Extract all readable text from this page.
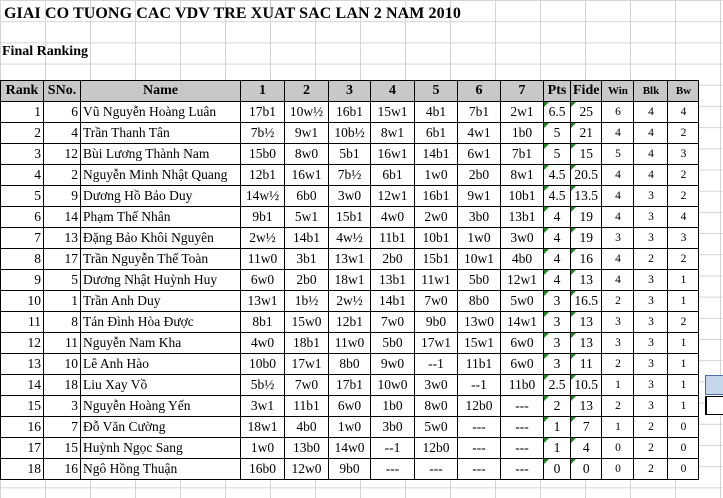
GIAI CO TUONG CAC VDV TRE XUAT SAC LAN 2 NAM 2010
Final Ranking
Rank	SNo.	Name	1	2	3	4	5	6	7	Pts	Fide	Win	Blk	Bw
1	6	Vũ Nguyễn Hoàng Luân	17b1	10w½	16b1	15w1	4b1	7b1	2w1	6.5	25	6	4	4
2	4	Trần Thanh Tân	7b½	9w1	10b½	8w1	6b1	4w1	1b0	5	21	4	4	2
3	12	Bùi Lương Thành Nam	15b0	8w0	5b1	16w1	14b1	6w1	7b1	5	15	5	4	3
4	2	Nguyễn Minh Nhật Quang	12b1	16w1	7b½	6b1	1w0	2b0	8w1	4.5	20.5	4	4	2
5	9	Dương Hồ Bảo Duy	14w½	6b0	3w0	12w1	16b1	9w1	10b1	4.5	13.5	4	3	2
6	14	Phạm Thế Nhân	9b1	5w1	15b1	4w0	2w0	3b0	13b1	4	19	4	3	4
7	13	Đặng Bảo Khôi Nguyên	2w½	14b1	4w½	11b1	10b1	1w0	3w0	4	19	3	3	3
8	17	Trần Nguyễn Thế Toàn	11w0	3b1	13w1	2b0	15b1	10w1	4b0	4	16	4	2	2
9	5	Dương Nhật Huỳnh Huy	6w0	2b0	18w1	13b1	11w1	5b0	12w1	4	13	4	3	1
10	1	Trần Anh Duy	13w1	1b½	2w½	14b1	7w0	8b0	5w0	3	16.5	2	3	1
11	8	Tán Đình Hòa Được	8b1	15w0	12b1	7w0	9b0	13w0	14w1	3	13	3	3	2
12	11	Nguyễn Nam Kha	4w0	18b1	11w0	5b0	17w1	15w1	6w0	3	13	3	3	1
13	10	Lê Anh Hào	10b0	17w1	8b0	9w0	--1	11b1	6w0	3	11	2	3	1
14	18	Liu Xay Vồ	5b½	7w0	17b1	10w0	3w0	--1	11b0	2.5	10.5	1	3	1
15	3	Nguyễn Hoàng Yến	3w1	11b1	6w0	1b0	8w0	12b0	---	2	13	2	3	1
16	7	Đỗ Văn Cường	18w1	4b0	1w0	3b0	5w0	---	---	1	7	1	2	0
17	15	Huỳnh Ngọc Sang	1w0	13b0	14w0	--1	12b0	---	---	1	4	0	2	0
18	16	Ngô Hồng Thuận	16b0	12w0	9b0	---	---	---	---	0	0	0	2	0
